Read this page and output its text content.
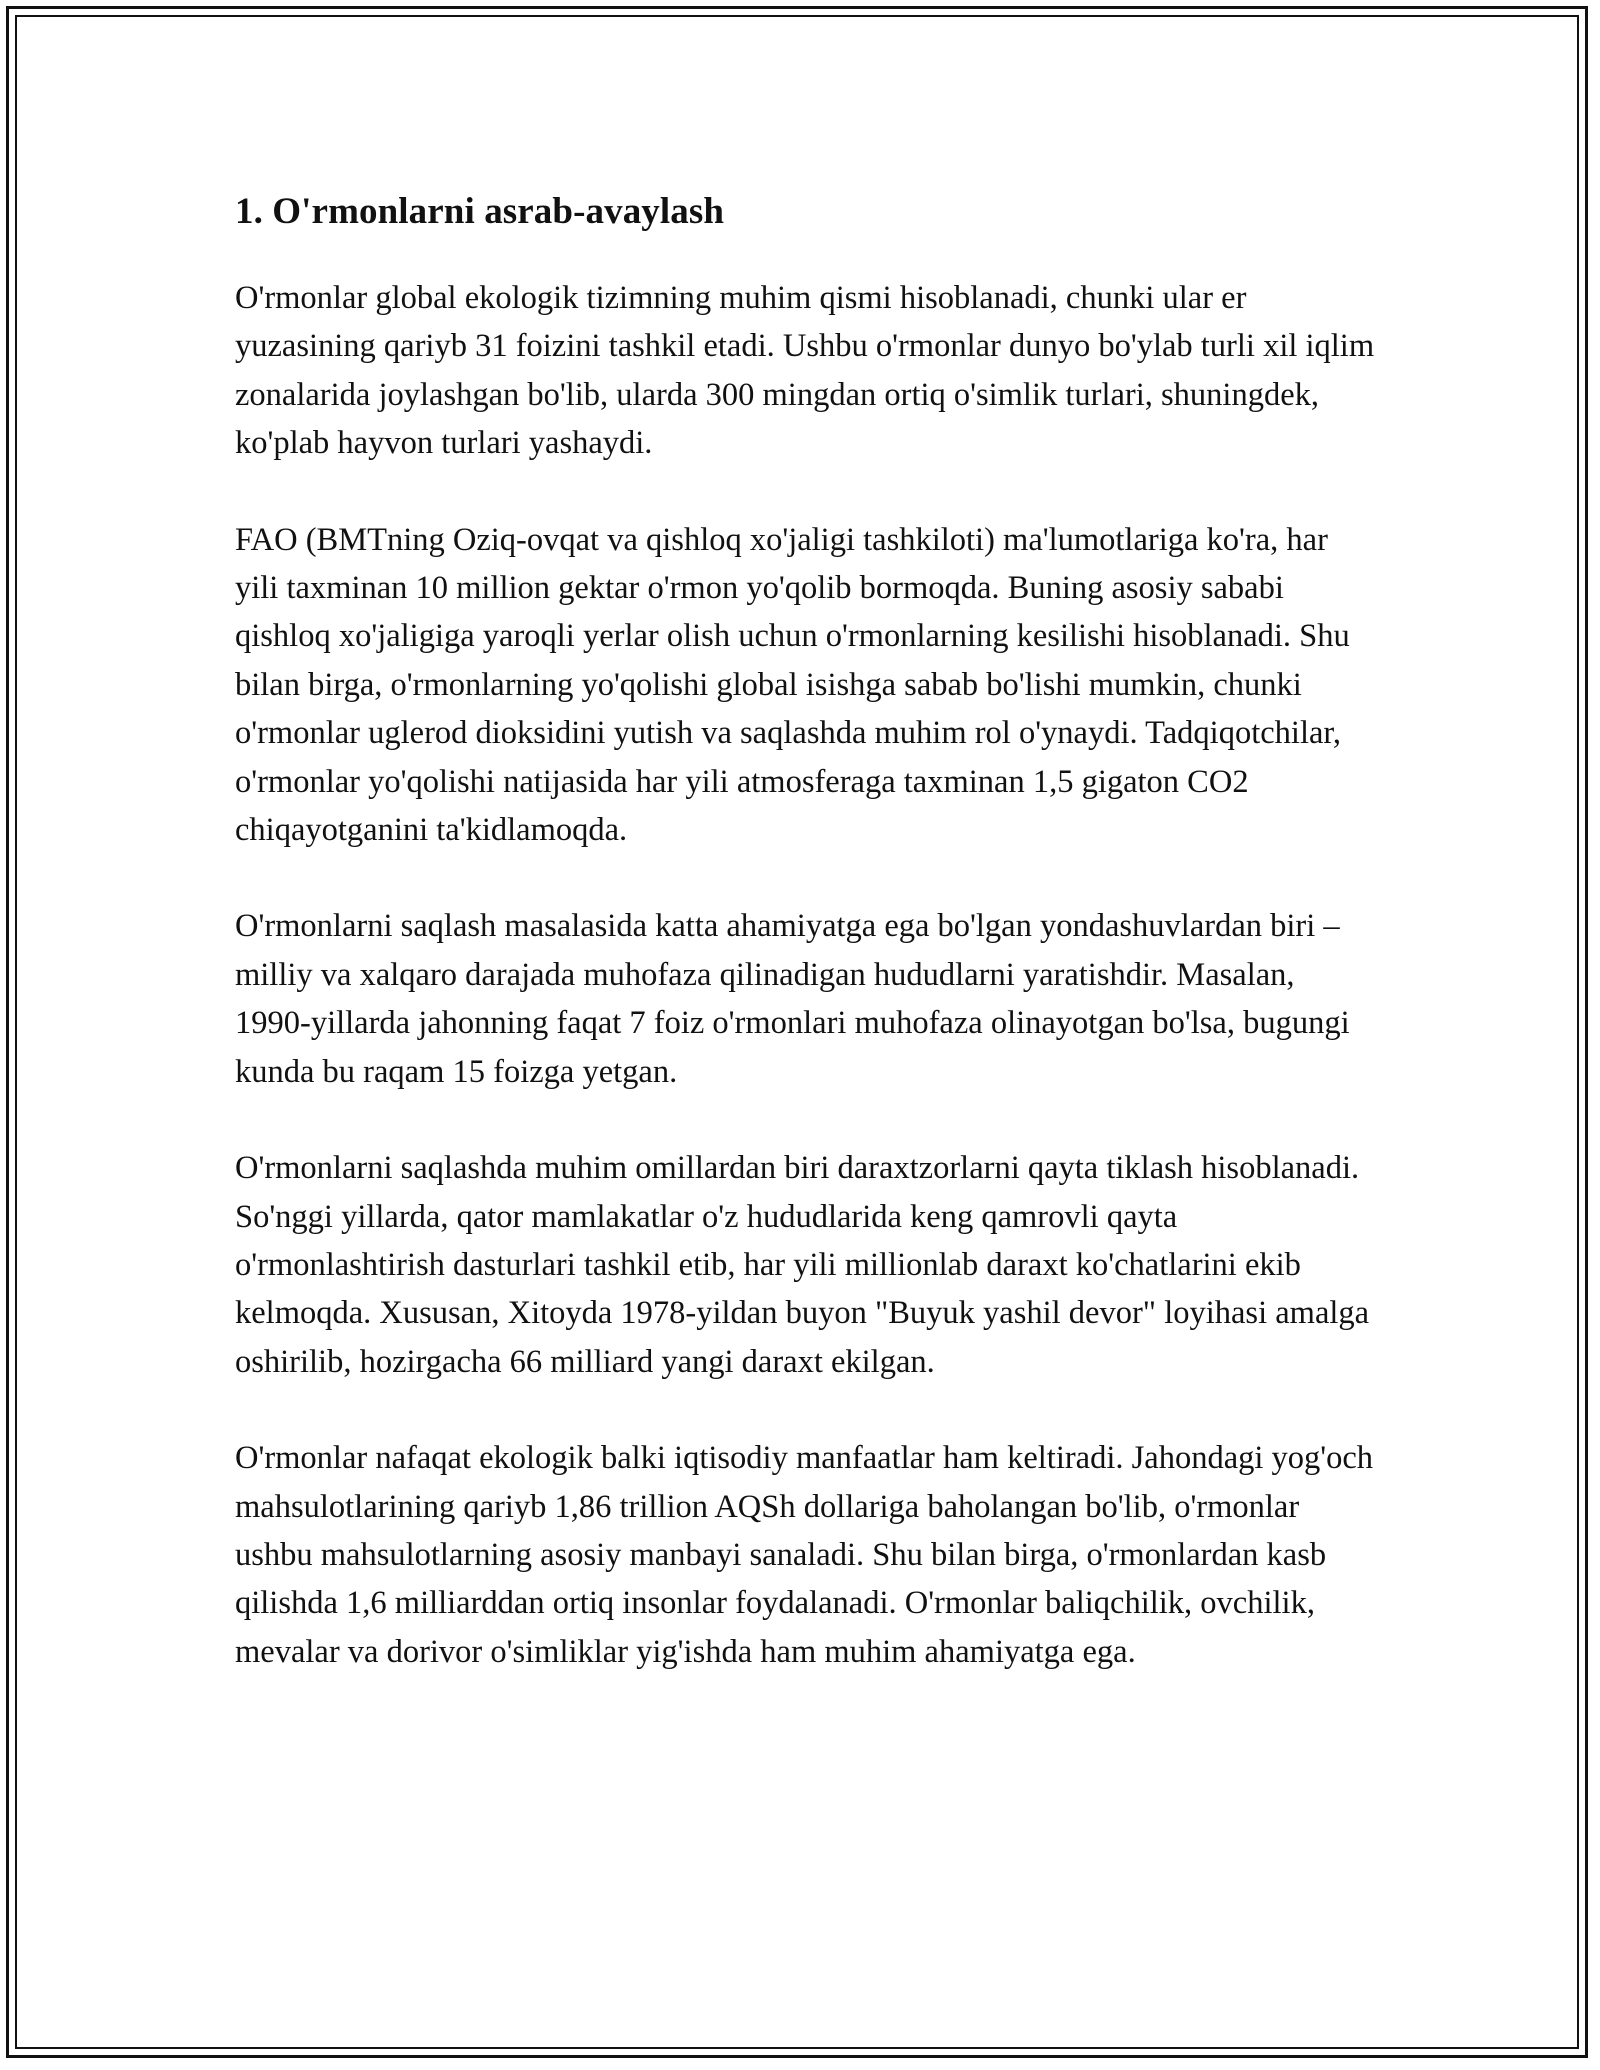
1. O'rmonlarni asrab-avaylash

O'rmonlar global ekologik tizimning muhim qismi hisoblanadi, chunki ular er yuzasining qariyb 31 foizini tashkil etadi. Ushbu o'rmonlar dunyo bo'ylab turli xil iqlim zonalarida joylashgan bo'lib, ularda 300 mingdan ortiq o'simlik turlari, shuningdek, ko'plab hayvon turlari yashaydi.

FAO (BMTning Oziq-ovqat va qishloq xo'jaligi tashkiloti) ma'lumotlariga ko'ra, har yili taxminan 10 million gektar o'rmon yo'qolib bormoqda. Buning asosiy sababi qishloq xo'jaligiga yaroqli yerlar olish uchun o'rmonlarning kesilishi hisoblanadi. Shu bilan birga, o'rmonlarning yo'qolishi global isishga sabab bo'lishi mumkin, chunki o'rmonlar uglerod dioksidini yutish va saqlashda muhim rol o'ynaydi. Tadqiqotchilar, o'rmonlar yo'qolishi natijasida har yili atmosferaga taxminan 1,5 gigaton CO2 chiqayotganini ta'kidlamoqda.

O'rmonlarni saqlash masalasida katta ahamiyatga ega bo'lgan yondashuvlardan biri – milliy va xalqaro darajada muhofaza qilinadigan hududlarni yaratishdir. Masalan, 1990-yillarda jahonning faqat 7 foiz o'rmonlari muhofaza olinayotgan bo'lsa, bugungi kunda bu raqam 15 foizga yetgan.

O'rmonlarni saqlashda muhim omillardan biri daraxtzorlarni qayta tiklash hisoblanadi. So'nggi yillarda, qator mamlakatlar o'z hududlarida keng qamrovli qayta o'rmonlashtirish dasturlari tashkil etib, har yili millionlab daraxt ko'chatlarini ekib kelmoqda. Xususan, Xitoyda 1978-yildan buyon "Buyuk yashil devor" loyihasi amalga oshirilib, hozirgacha 66 milliard yangi daraxt ekilgan.

O'rmonlar nafaqat ekologik balki iqtisodiy manfaatlar ham keltiradi. Jahondagi yog'och mahsulotlarining qariyb 1,86 trillion AQSh dollariga baholangan bo'lib, o'rmonlar ushbu mahsulotlarning asosiy manbayi sanaladi. Shu bilan birga, o'rmonlardan kasb qilishda 1,6 milliarddan ortiq insonlar foydalanadi. O'rmonlar baliqchilik, ovchilik, mevalar va dorivor o'simliklar yig'ishda ham muhim ahamiyatga ega.
